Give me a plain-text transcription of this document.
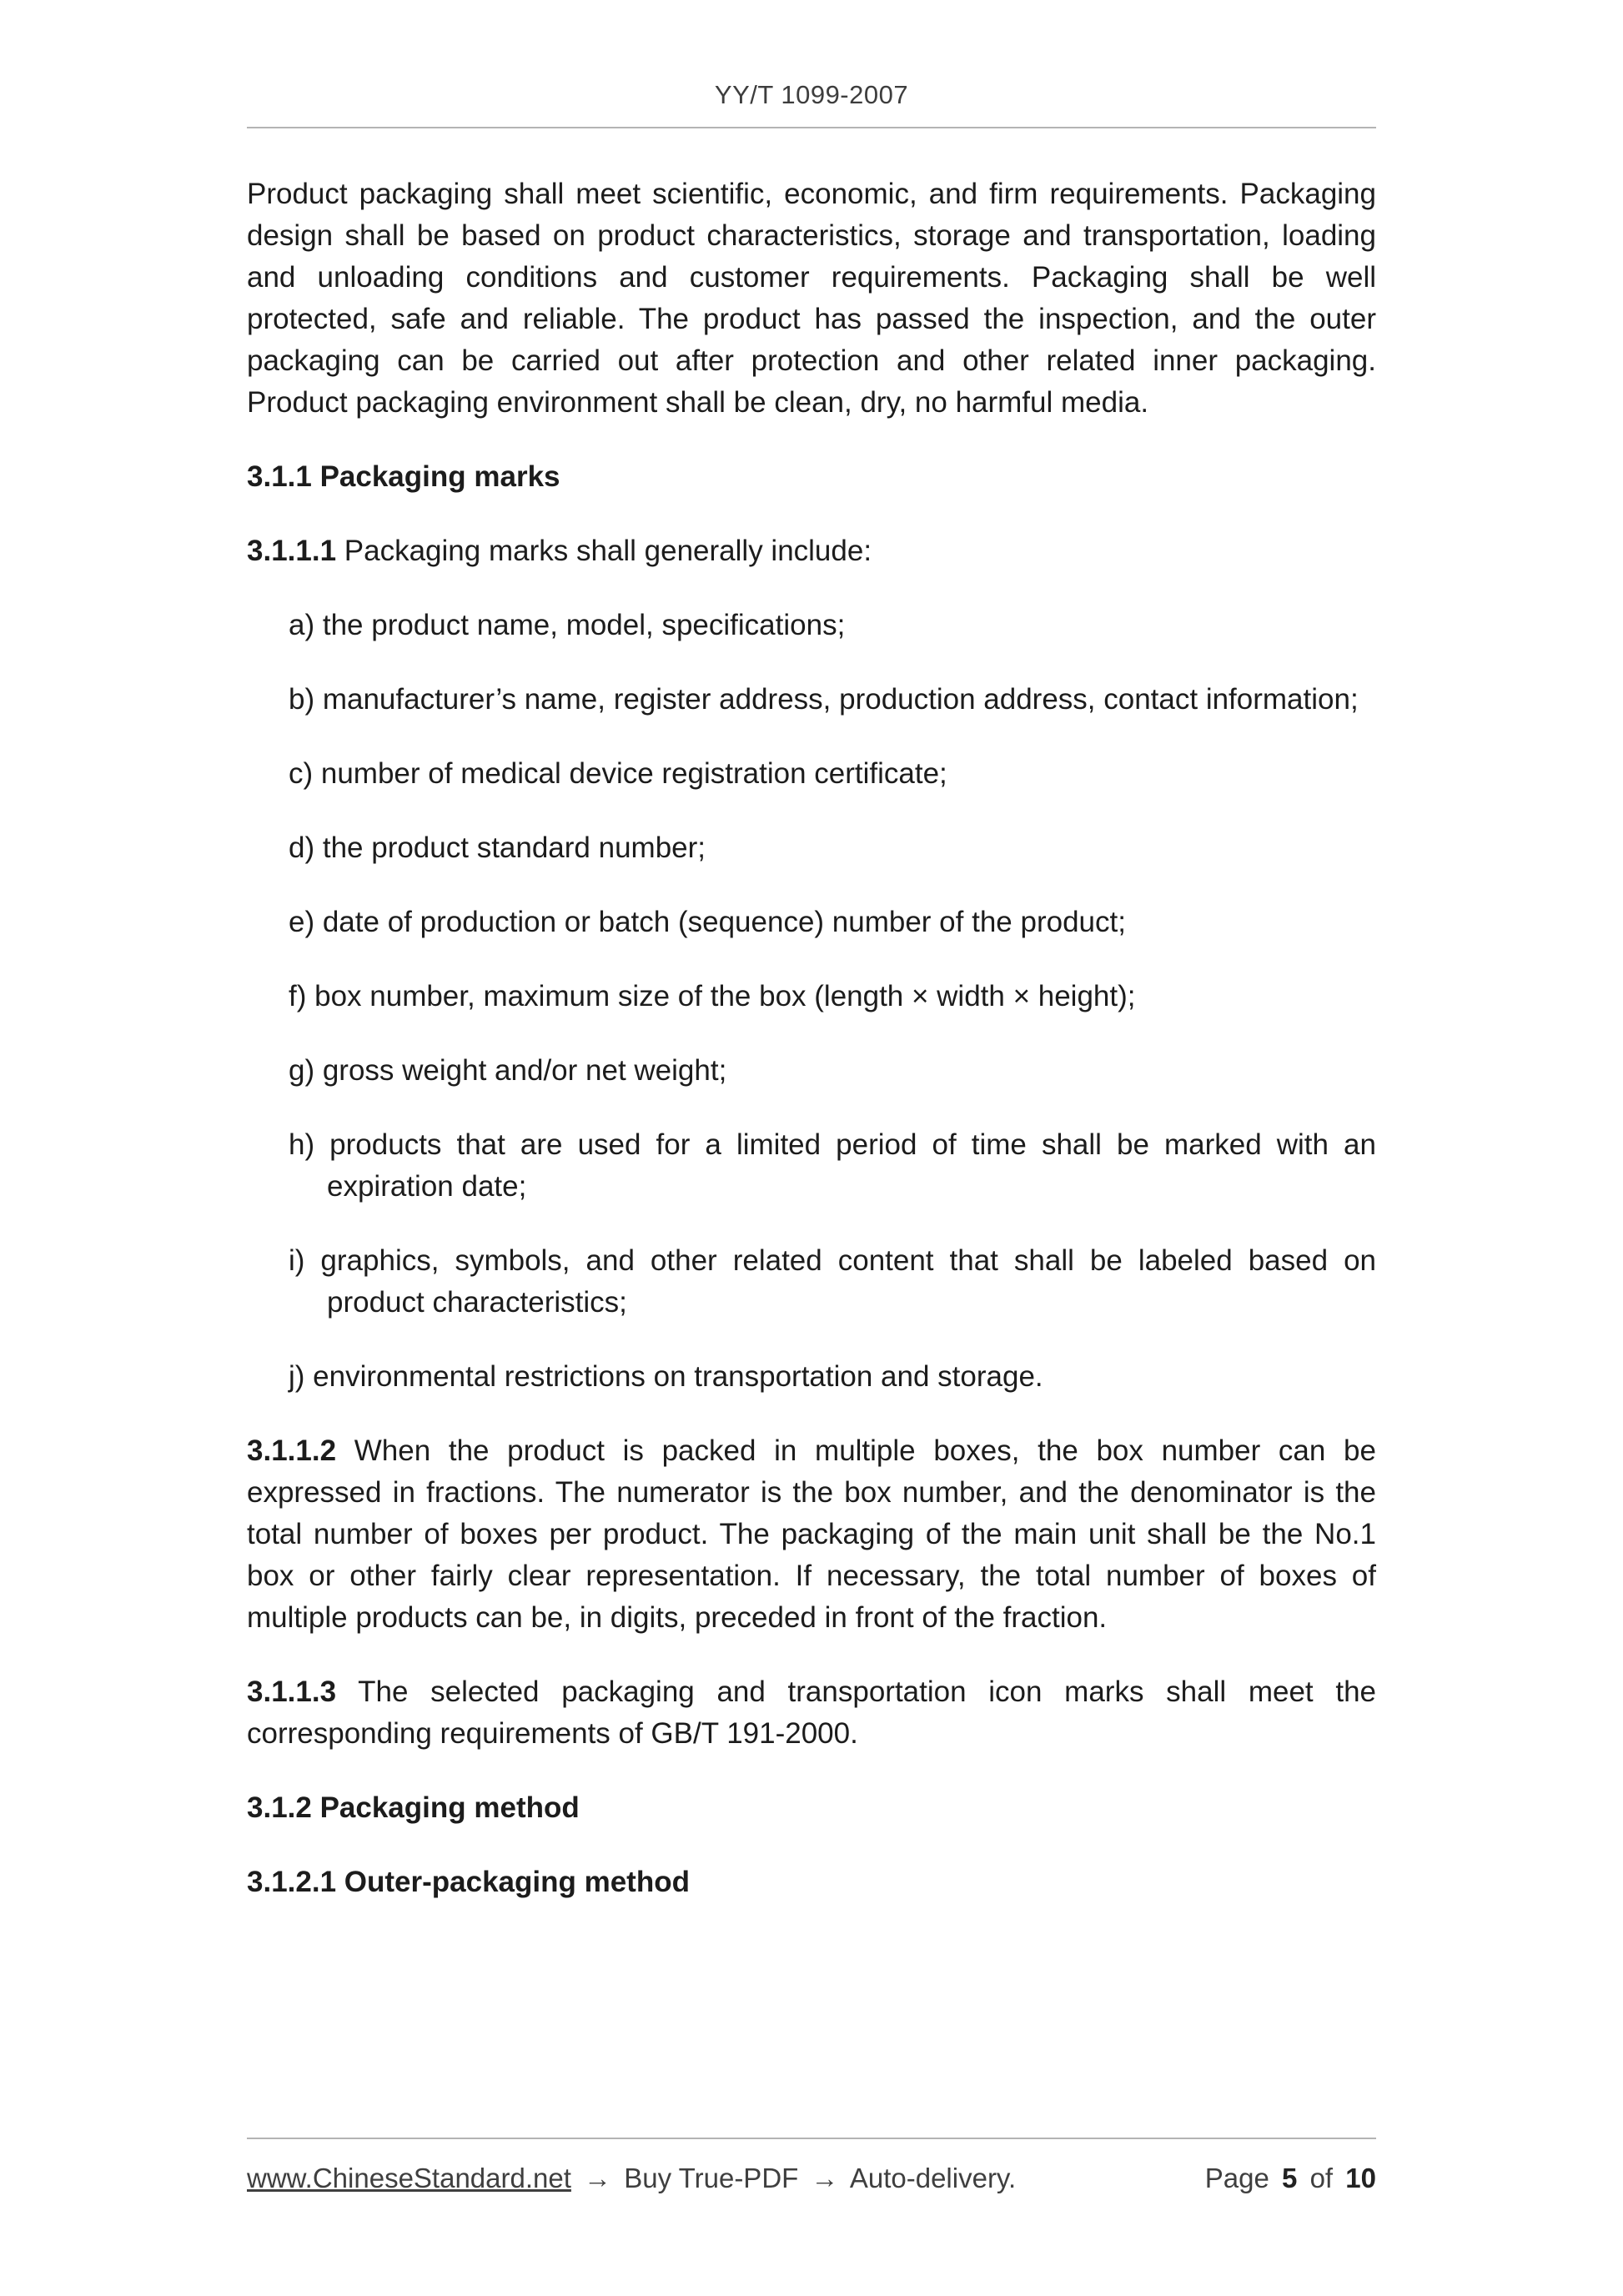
YY/T 1099-2007

Product packaging shall meet scientific, economic, and firm requirements. Packaging design shall be based on product characteristics, storage and transportation, loading and unloading conditions and customer requirements. Packaging shall be well protected, safe and reliable. The product has passed the inspection, and the outer packaging can be carried out after protection and other related inner packaging. Product packaging environment shall be clean, dry, no harmful media.

3.1.1 Packaging marks

3.1.1.1 Packaging marks shall generally include:

a) the product name, model, specifications;
b) manufacturer’s name, register address, production address, contact information;
c) number of medical device registration certificate;
d) the product standard number;
e) date of production or batch (sequence) number of the product;
f) box number, maximum size of the box (length × width × height);
g) gross weight and/or net weight;
h) products that are used for a limited period of time shall be marked with an expiration date;
i) graphics, symbols, and other related content that shall be labeled based on product characteristics;
j) environmental restrictions on transportation and storage.

3.1.1.2 When the product is packed in multiple boxes, the box number can be expressed in fractions. The numerator is the box number, and the denominator is the total number of boxes per product. The packaging of the main unit shall be the No.1 box or other fairly clear representation. If necessary, the total number of boxes of multiple products can be, in digits, preceded in front of the fraction.

3.1.1.3 The selected packaging and transportation icon marks shall meet the corresponding requirements of GB/T 191-2000.

3.1.2 Packaging method

3.1.2.1 Outer-packaging method

www.ChineseStandard.net → Buy True-PDF → Auto-delivery.	Page 5 of 10
